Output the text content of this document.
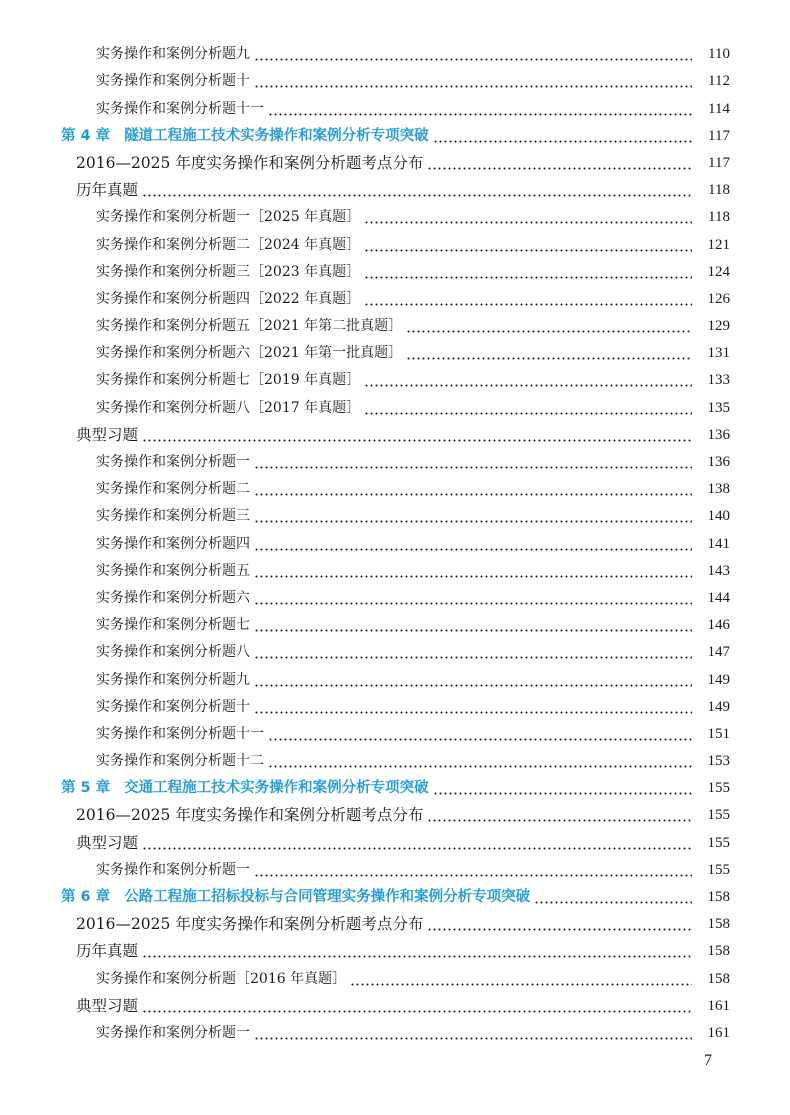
实务操作和案例分析题九	110
实务操作和案例分析题十	112
实务操作和案例分析题十一	114
第 4 章 隧道工程施工技术实务操作和案例分析专项突破	117
2016—2025 年度实务操作和案例分析题考点分布	117
历年真题	118
实务操作和案例分析题一［2025 年真题］	118
实务操作和案例分析题二［2024 年真题］	121
实务操作和案例分析题三［2023 年真题］	124
实务操作和案例分析题四［2022 年真题］	126
实务操作和案例分析题五［2021 年第二批真题］	129
实务操作和案例分析题六［2021 年第一批真题］	131
实务操作和案例分析题七［2019 年真题］	133
实务操作和案例分析题八［2017 年真题］	135
典型习题	136
实务操作和案例分析题一	136
实务操作和案例分析题二	138
实务操作和案例分析题三	140
实务操作和案例分析题四	141
实务操作和案例分析题五	143
实务操作和案例分析题六	144
实务操作和案例分析题七	146
实务操作和案例分析题八	147
实务操作和案例分析题九	149
实务操作和案例分析题十	149
实务操作和案例分析题十一	151
实务操作和案例分析题十二	153
第 5 章 交通工程施工技术实务操作和案例分析专项突破	155
2016—2025 年度实务操作和案例分析题考点分布	155
典型习题	155
实务操作和案例分析题一	155
第 6 章 公路工程施工招标投标与合同管理实务操作和案例分析专项突破	158
2016—2025 年度实务操作和案例分析题考点分布	158
历年真题	158
实务操作和案例分析题［2016 年真题］	158
典型习题	161
实务操作和案例分析题一	161
7
